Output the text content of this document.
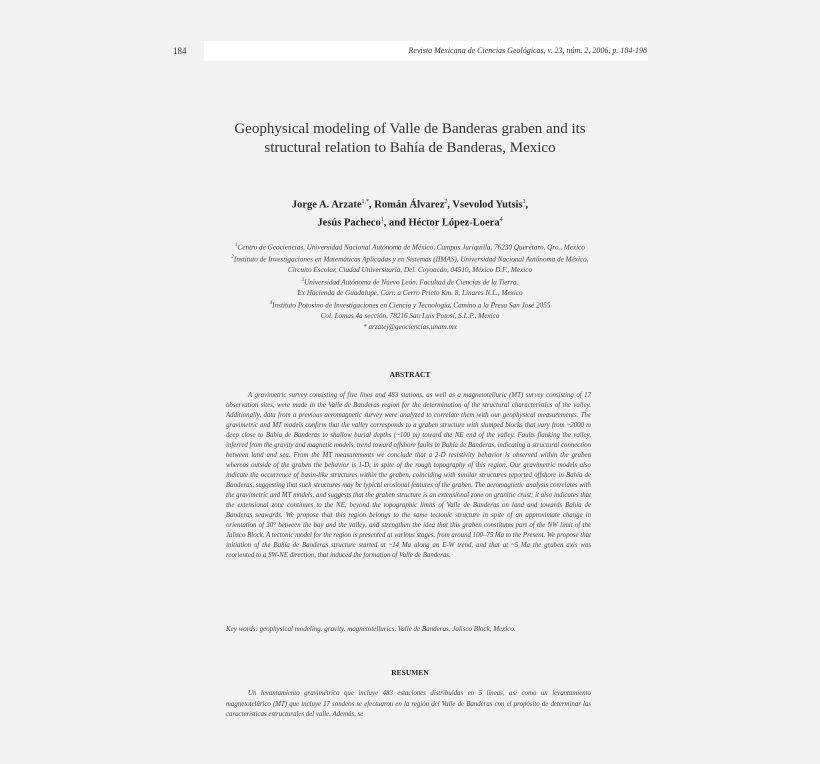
184	Revista Mexicana de Ciencias Geológicas, v. 23, núm. 2, 2006, p. 184-198
Geophysical modeling of Valle de Banderas graben and its
structural relation to Bahía de Banderas, Mexico
Jorge A. Arzate$^{1,*}$, Román Álvarez$^2$, Vsevolod Yutsis$^3$,
Jesús Pacheco$^1$, and Héctor López-Loera$^4$
$^1$Centro de Geociencias, Universidad Nacional Autónoma de México, Campus Juriquilla, 76230 Querétaro, Qro., Mexico
$^2$Instituto de Investigaciones en Matemáticas Aplicadas y en Sistemas (IIMAS), Universidad Nacional Autónoma de México,
Circuito Escolar, Ciudad Universitaria, Del. Coyoacán, 04510, México D.F., Mexico
$^3$Universidad Autónoma de Nuevo León, Facultad de Ciencias de la Tierra,
Ex Hacienda de Guadalupe, Carr. a Cerro Prieto Km. 8, Linares N.L., Mexico
$^4$Instituto Potosino de Investigaciones en Ciencia y Tecnología, Camino a la Presa San José 2055
Col. Lomas 4a sección, 78216 San Luis Potosí, S.L.P., Mexico
* arzatej@geociencias.unam.mx
ABSTRACT
A gravimetric survey consisting of five lines and 483 stations, as well as a magnetotelluric (MT) survey consisting of 17 observation sites, were made in the Valle de Banderas region for the determination of the structural characteristics of the valley. Additionally, data from a previous aeromagnetic survey were analyzed to correlate them with our geophysical measurements. The gravimetric and MT models confirm that the valley corresponds to a graben structure with slumped blocks that vary from ~2000 m deep close to Bahía de Banderas to shallow burial depths (~100 m) toward the NE end of the valley. Faults flanking the valley, inferred from the gravity and magnetic models, trend toward offshore faults in Bahía de Banderas, indicating a structural connection between land and sea. From the MT measurements we conclude that a 2-D resistivity behavior is observed within the graben whereas outside of the graben the behavior is 1-D, in spite of the rough topography of this region. Our gravimetric models also indicate the occurrence of basin-like structures within the graben, coinciding with similar structures reported offshore in Bahía de Banderas, suggesting that such structures may be typical erosional features of the graben. The aeromagnetic analysis correlates with the gravimetric and MT models, and suggests that the graben structure is an extensional zone on granitic crust; it also indicates that the extensional zone continues to the NE, beyond the topographic limits of Valle de Banderas on land and towards Bahía de Banderas seawards. We propose that this region belongs to the same tectonic structure in spite of an approximate change in orientation of 30° between the bay and the valley, and strengthen the idea that this graben constitutes part of the NW limit of the Jalisco Block. A tectonic model for the region is presented at various stages, from around 100–75 Ma to the Present. We propose that initiation of the Bahía de Banderas structure started at ~14 Ma along an E-W trend, and that at ~5 Ma the graben axis was reoriented to a SW-NE direction, that induced the formation of Valle de Banderas.
Key words: geophysical modeling, gravity, magnetotellurics, Valle de Banderas, Jalisco Block, Mexico.
RESUMEN
Un levantamiento gravimétrico que incluye 483 estaciones distribuidas en 5 líneas, así como un levantamiento magnetotelúrico (MT) que incluye 17 sondeos se efectuaron en la región del Valle de Banderas con el propósito de determinar las características estructurales del valle. Además, se
